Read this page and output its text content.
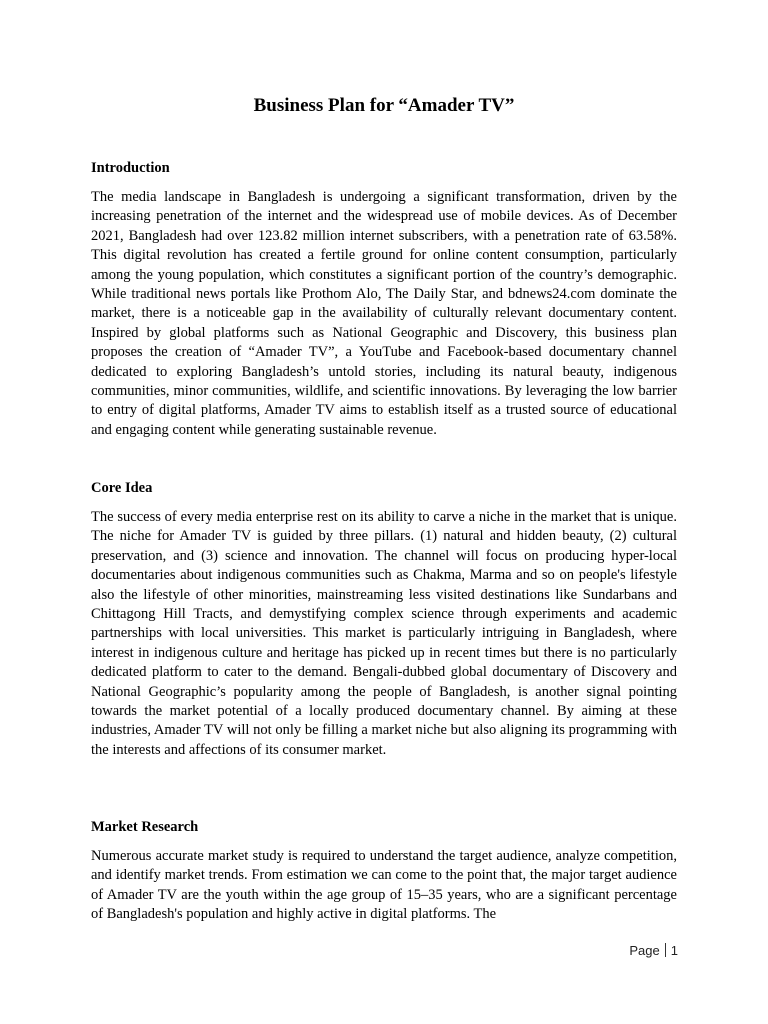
Business Plan for “Amader TV”
Introduction

The media landscape in Bangladesh is undergoing a significant transformation, driven by the increasing penetration of the internet and the widespread use of mobile devices. As of December 2021, Bangladesh had over 123.82 million internet subscribers, with a penetration rate of 63.58%. This digital revolution has created a fertile ground for online content consumption, particularly among the young population, which constitutes a significant portion of the country’s demographic. While traditional news portals like Prothom Alo, The Daily Star, and bdnews24.com dominate the market, there is a noticeable gap in the availability of culturally relevant documentary content. Inspired by global platforms such as National Geographic and Discovery, this business plan proposes the creation of “Amader TV”, a YouTube and Facebook-based documentary channel dedicated to exploring Bangladesh’s untold stories, including its natural beauty, indigenous communities, minor communities, wildlife, and scientific innovations. By leveraging the low barrier to entry of digital platforms, Amader TV aims to establish itself as a trusted source of educational and engaging content while generating sustainable revenue.

Core Idea

The success of every media enterprise rest on its ability to carve a niche in the market that is unique. The niche for Amader TV is guided by three pillars. (1) natural and hidden beauty, (2) cultural preservation, and (3) science and innovation. The channel will focus on producing hyper-local documentaries about indigenous communities such as Chakma, Marma and so on people's lifestyle also the lifestyle of other minorities, mainstreaming less visited destinations like Sundarbans and Chittagong Hill Tracts, and demystifying complex science through experiments and academic partnerships with local universities. This market is particularly intriguing in Bangladesh, where interest in indigenous culture and heritage has picked up in recent times but there is no particularly dedicated platform to cater to the demand. Bengali-dubbed global documentary of Discovery and National Geographic’s popularity among the people of Bangladesh, is another signal pointing towards the market potential of a locally produced documentary channel. By aiming at these industries, Amader TV will not only be filling a market niche but also aligning its programming with the interests and affections of its consumer market.

Market Research

Numerous accurate market study is required to understand the target audience, analyze competition, and identify market trends. From estimation we can come to the point that, the major target audience of Amader TV are the youth within the age group of 15–35 years, who are a significant percentage of Bangladesh's population and highly active in digital platforms. The

Page 1
